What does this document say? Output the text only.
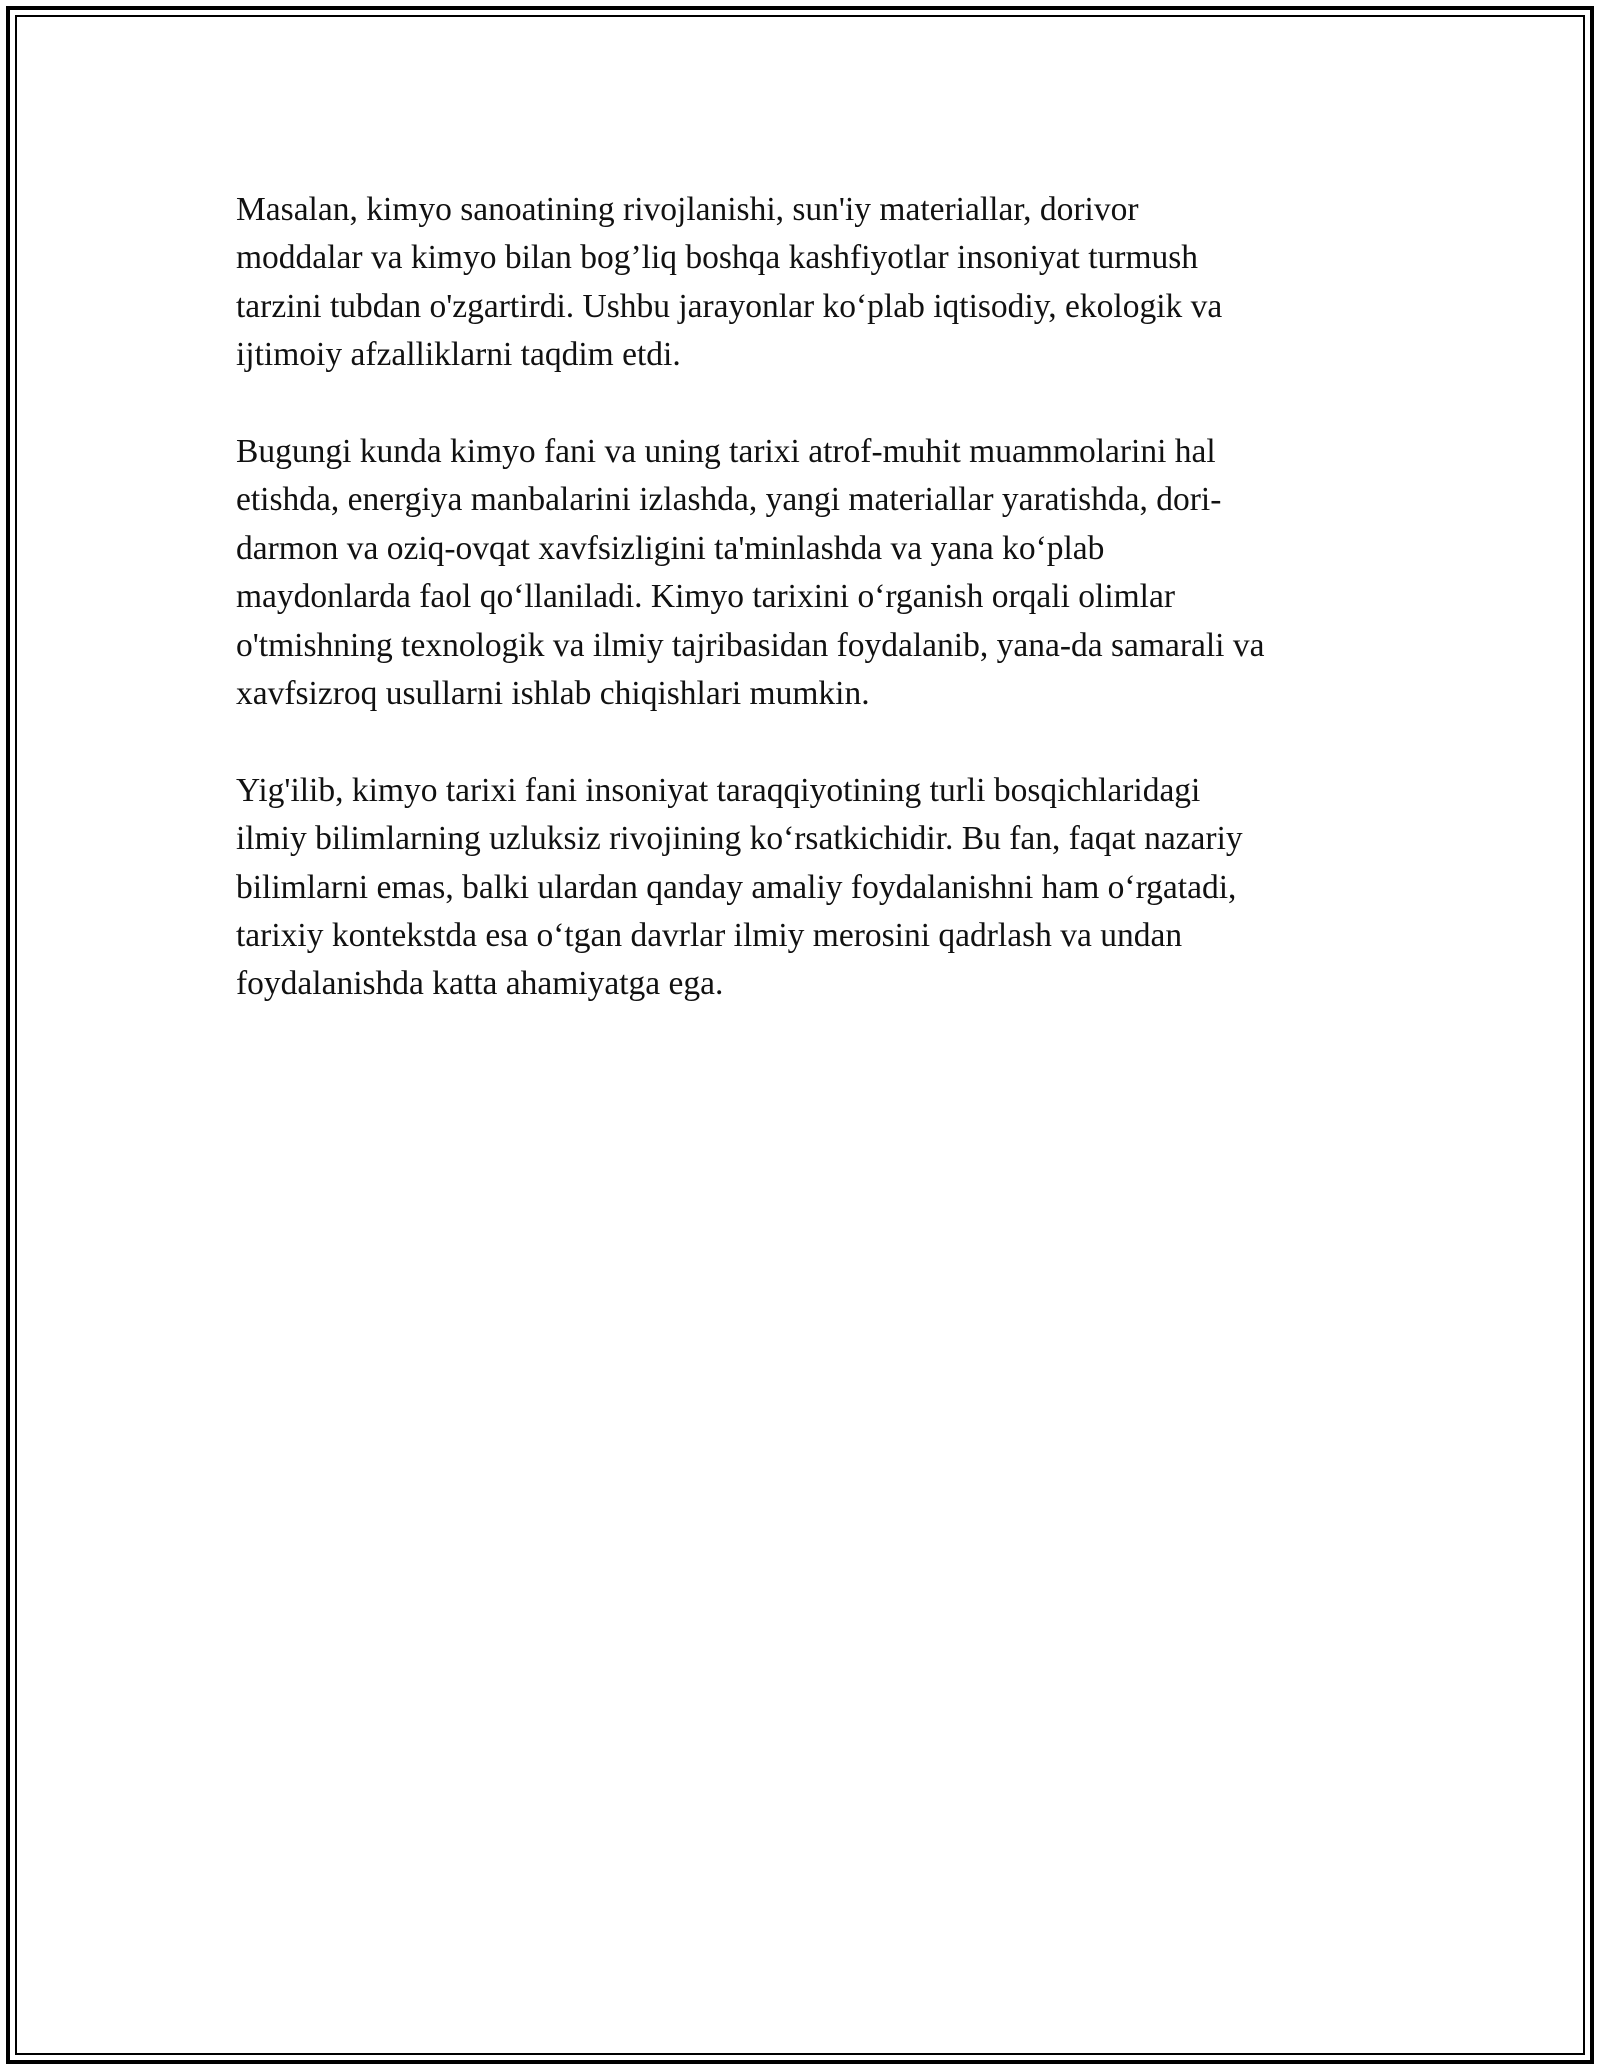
Masalan, kimyo sanoatining rivojlanishi, sun'iy materiallar, dorivor
moddalar va kimyo bilan bog’liq boshqa kashfiyotlar insoniyat turmush
tarzini tubdan o'zgartirdi. Ushbu jarayonlar ko‘plab iqtisodiy, ekologik va
ijtimoiy afzalliklarni taqdim etdi.

Bugungi kunda kimyo fani va uning tarixi atrof-muhit muammolarini hal
etishda, energiya manbalarini izlashda, yangi materiallar yaratishda, dori-
darmon va oziq-ovqat xavfsizligini ta'minlashda va yana ko‘plab
maydonlarda faol qo‘llaniladi. Kimyo tarixini o‘rganish orqali olimlar
o'tmishning texnologik va ilmiy tajribasidan foydalanib, yana-da samarali va
xavfsizroq usullarni ishlab chiqishlari mumkin.

Yig'ilib, kimyo tarixi fani insoniyat taraqqiyotining turli bosqichlaridagi
ilmiy bilimlarning uzluksiz rivojining ko‘rsatkichidir. Bu fan, faqat nazariy
bilimlarni emas, balki ulardan qanday amaliy foydalanishni ham o‘rgatadi,
tarixiy kontekstda esa o‘tgan davrlar ilmiy merosini qadrlash va undan
foydalanishda katta ahamiyatga ega.
